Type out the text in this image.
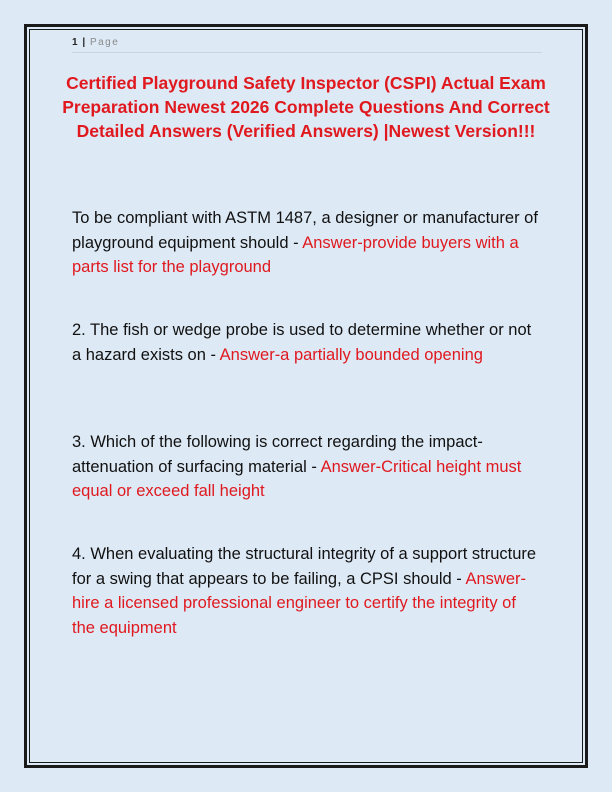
1 | Page
Certified Playground Safety Inspector (CSPI) Actual Exam Preparation Newest 2026 Complete Questions And Correct Detailed Answers (Verified Answers) |Newest Version!!!

To be compliant with ASTM 1487, a designer or manufacturer of playground equipment should - Answer-provide buyers with a parts list for the playground

2. The fish or wedge probe is used to determine whether or not a hazard exists on - Answer-a partially bounded opening

3. Which of the following is correct regarding the impact-attenuation of surfacing material - Answer-Critical height must equal or exceed fall height

4. When evaluating the structural integrity of a support structure for a swing that appears to be failing, a CPSI should - Answer-hire a licensed professional engineer to certify the integrity of the equipment
